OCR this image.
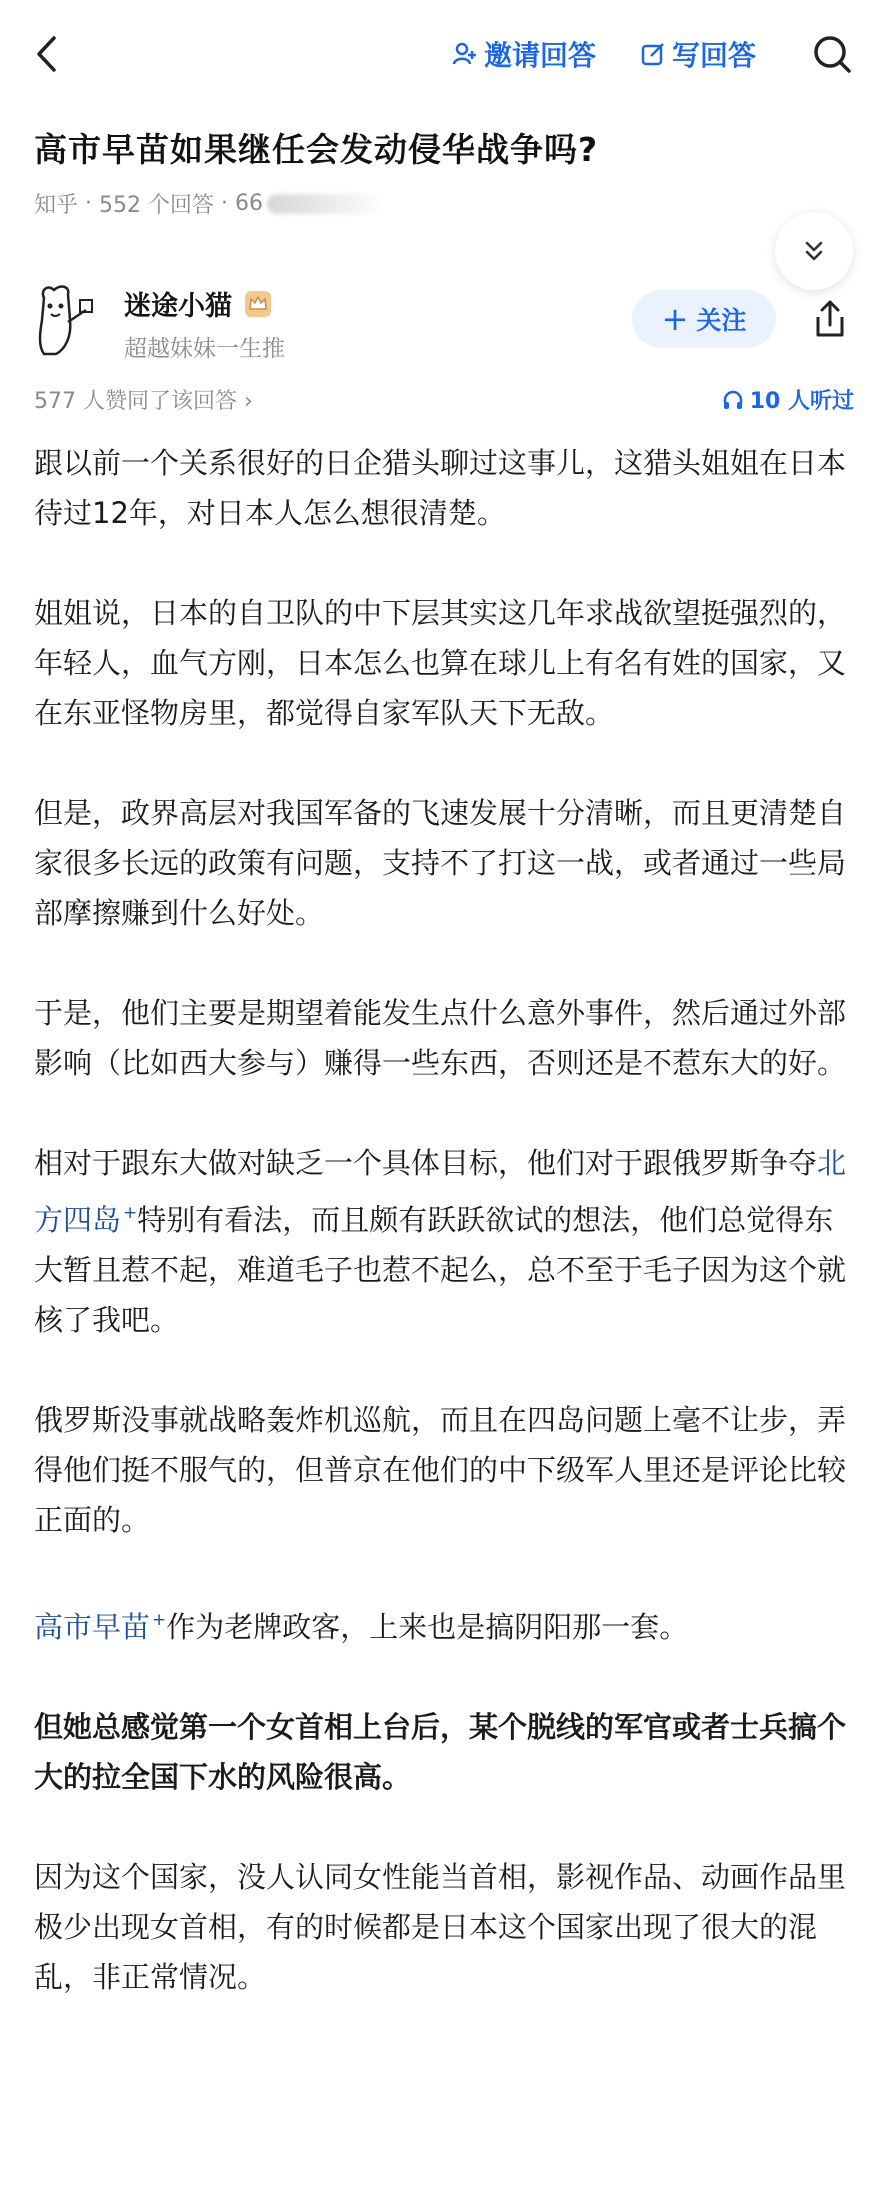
邀请回答	写回答
高市早苗如果继任会发动侵华战争吗?
知乎 · 552 个回答 · 66
迷途小猫
超越妹妹一生推
+ 关注
577 人赞同了该回答 ›	10 人听过

跟以前一个关系很好的日企猎头聊过这事儿，这猎头姐姐在日本待过12年，对日本人怎么想很清楚。

姐姐说，日本的自卫队的中下层其实这几年求战欲望挺强烈的，年轻人，血气方刚，日本怎么也算在球儿上有名有姓的国家，又在东亚怪物房里，都觉得自家军队天下无敌。

但是，政界高层对我国军备的飞速发展十分清晰，而且更清楚自家很多长远的政策有问题，支持不了打这一战，或者通过一些局部摩擦赚到什么好处。

于是，他们主要是期望着能发生点什么意外事件，然后通过外部影响（比如西大参与）赚得一些东西，否则还是不惹东大的好。

相对于跟东大做对缺乏一个具体目标，他们对于跟俄罗斯争夺北方四岛 +特别有看法，而且颇有跃跃欲试的想法，他们总觉得东大暂且惹不起，难道毛子也惹不起么，总不至于毛子因为这个就核了我吧。

俄罗斯没事就战略轰炸机巡航，而且在四岛问题上毫不让步，弄得他们挺不服气的，但普京在他们的中下级军人里还是评论比较正面的。

高市早苗 +作为老牌政客，上来也是搞阴阳那一套。

但她总感觉第一个女首相上台后，某个脱线的军官或者士兵搞个大的拉全国下水的风险很高。

因为这个国家，没人认同女性能当首相，影视作品、动画作品里极少出现女首相，有的时候都是日本这个国家出现了很大的混乱，非正常情况。
